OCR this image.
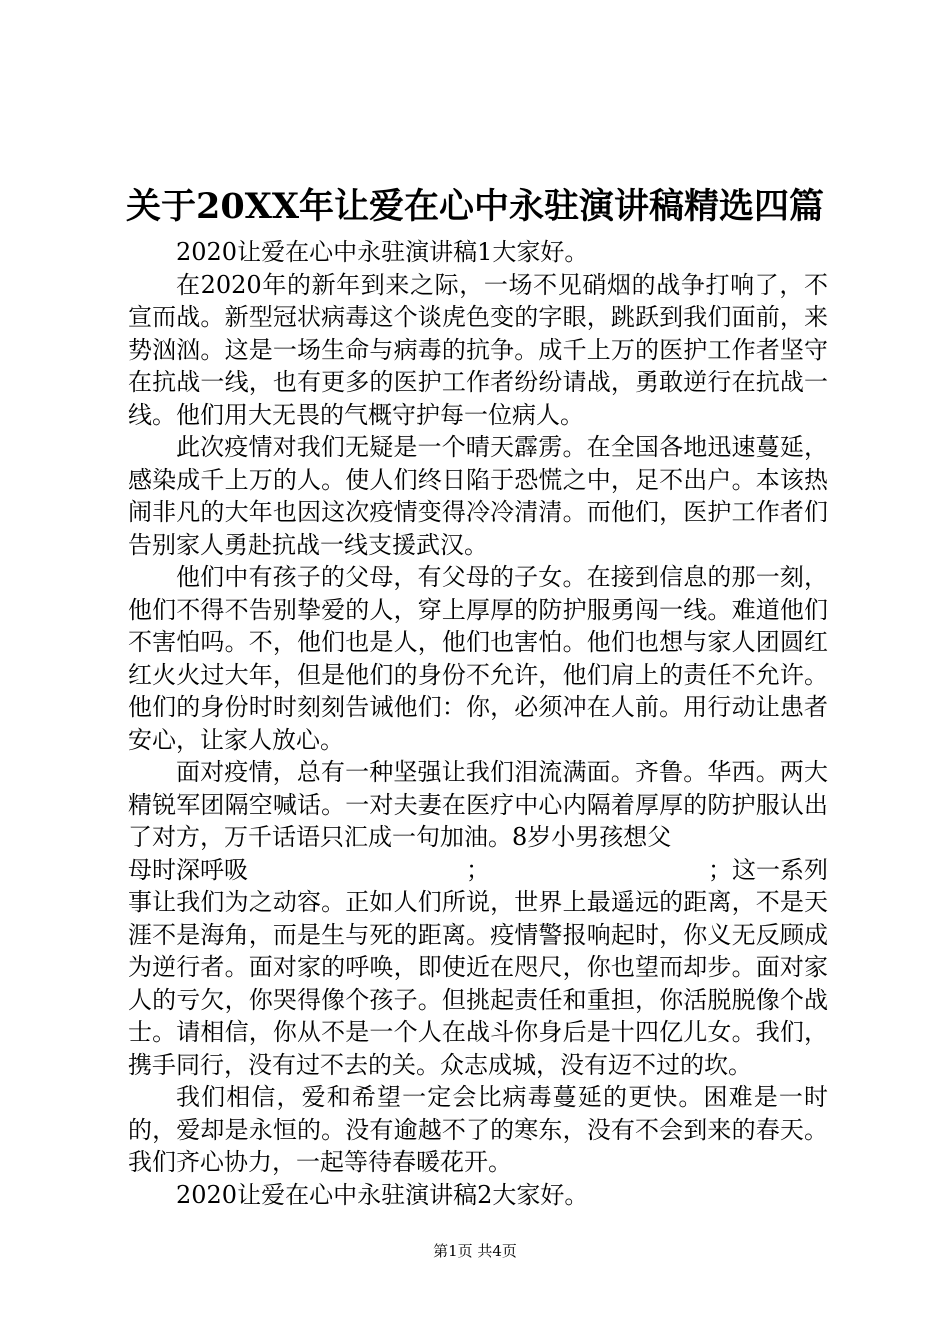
关于20XX年让爱在心中永驻演讲稿精选四篇

2020让爱在心中永驻演讲稿1大家好。

在2020年的新年到来之际，一场不见硝烟的战争打响了，不宣而战。新型冠状病毒这个谈虎色变的字眼，跳跃到我们面前，来势汹汹。这是一场生命与病毒的抗争。成千上万的医护工作者坚守在抗战一线，也有更多的医护工作者纷纷请战，勇敢逆行在抗战一线。他们用大无畏的气概守护每一位病人。

此次疫情对我们无疑是一个晴天霹雳。在全国各地迅速蔓延，感染成千上万的人。使人们终日陷于恐慌之中，足不出户。本该热闹非凡的大年也因这次疫情变得冷冷清清。而他们，医护工作者们告别家人勇赴抗战一线支援武汉。

他们中有孩子的父母，有父母的子女。在接到信息的那一刻，他们不得不告别挚爱的人，穿上厚厚的防护服勇闯一线。难道他们不害怕吗。不，他们也是人，他们也害怕。他们也想与家人团圆红红火火过大年，但是他们的身份不允许，他们肩上的责任不允许。他们的身份时时刻刻告诫他们：你，必须冲在人前。用行动让患者安心，让家人放心。

面对疫情，总有一种坚强让我们泪流满面。齐鲁。华西。两大精锐军团隔空喊话。一对夫妻在医疗中心内隔着厚厚的防护服认出了对方，万千话语只汇成一句加油。8岁小男孩想父

母时深呼吸	；	；这一系列

事让我们为之动容。正如人们所说，世界上最遥远的距离，不是天涯不是海角，而是生与死的距离。疫情警报响起时，你义无反顾成为逆行者。面对家的呼唤，即使近在咫尺，你也望而却步。面对家人的亏欠，你哭得像个孩子。但挑起责任和重担，你活脱脱像个战士。请相信，你从不是一个人在战斗你身后是十四亿儿女。我们，携手同行，没有过不去的关。众志成城，没有迈不过的坎。

我们相信，爱和希望一定会比病毒蔓延的更快。困难是一时的，爱却是永恒的。没有逾越不了的寒东，没有不会到来的春天。我们齐心协力，一起等待春暖花开。

2020让爱在心中永驻演讲稿2大家好。

第1页 共4页
